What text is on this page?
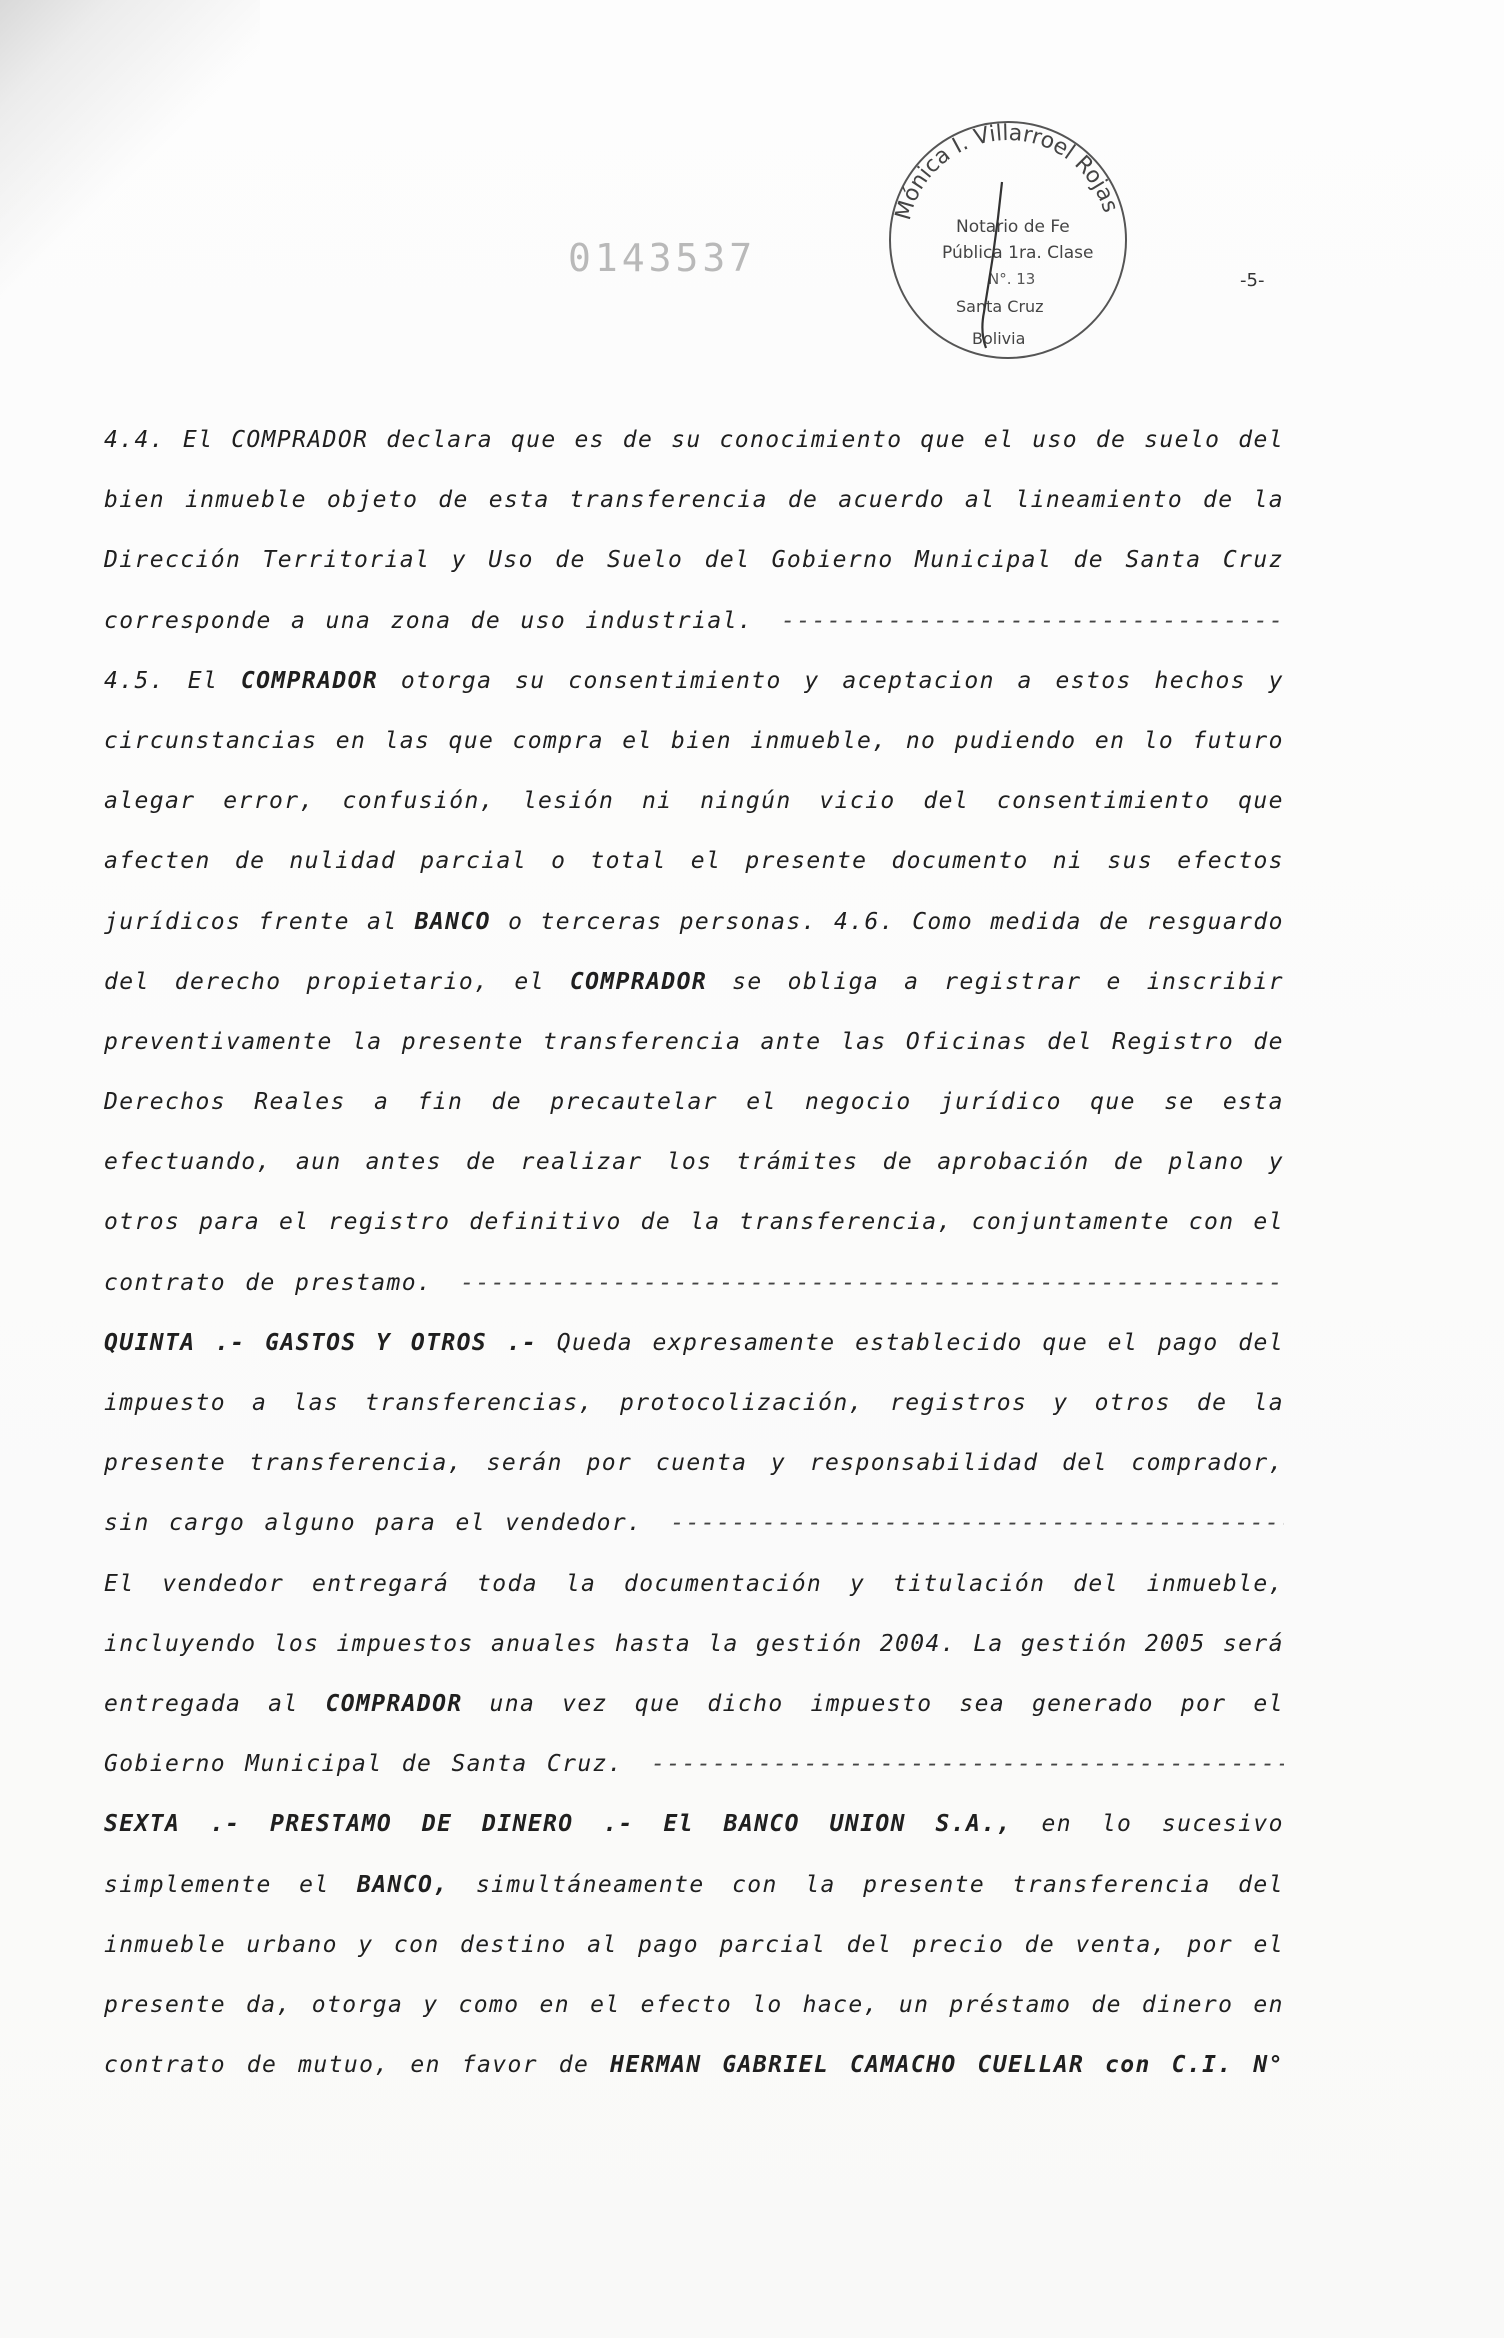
0143537
-5-
Mónica I. Villarroel Rojas
Notario de Fe
Pública 1ra. Clase
N°. 13
Santa Cruz
Bolivia
4.4. El COMPRADOR declara que es de su conocimiento que el uso de suelo del
bien inmueble objeto de esta transferencia de acuerdo al lineamiento de la
Dirección Territorial y Uso de Suelo del Gobierno Municipal de Santa Cruz
corresponde a una zona de uso industrial.
-----
4.5. El COMPRADOR otorga su consentimiento y aceptacion a estos hechos y
circunstancias en las que compra el bien inmueble, no pudiendo en lo futuro
alegar error, confusión, lesión ni ningún vicio del consentimiento que
afecten de nulidad parcial o total el presente documento ni sus efectos
jurídicos frente al BANCO o terceras personas. 4.6. Como medida de resguardo
del derecho propietario, el COMPRADOR se obliga a registrar e inscribir
preventivamente la presente transferencia ante las Oficinas del Registro de
Derechos Reales a fin de precautelar el negocio jurídico que se esta
efectuando, aun antes de realizar los trámites de aprobación de plano y
otros para el registro definitivo de la transferencia, conjuntamente con el
contrato de prestamo.
-----
QUINTA .- GASTOS Y OTROS .- Queda expresamente establecido que el pago del
impuesto a las transferencias, protocolización, registros y otros de la
presente transferencia, serán por cuenta y responsabilidad del comprador,
sin cargo alguno para el vendedor.
-----
El vendedor entregará toda la documentación y titulación del inmueble,
incluyendo los impuestos anuales hasta la gestión 2004. La gestión 2005 será
entregada al COMPRADOR una vez que dicho impuesto sea generado por el
Gobierno Municipal de Santa Cruz.
-----
SEXTA .- PRESTAMO DE DINERO .- El BANCO UNION S.A., en lo sucesivo
simplemente el BANCO, simultáneamente con la presente transferencia del
inmueble urbano y con destino al pago parcial del precio de venta, por el
presente da, otorga y como en el efecto lo hace, un préstamo de dinero en
contrato de mutuo, en favor de HERMAN GABRIEL CAMACHO CUELLAR con C.I. N°
